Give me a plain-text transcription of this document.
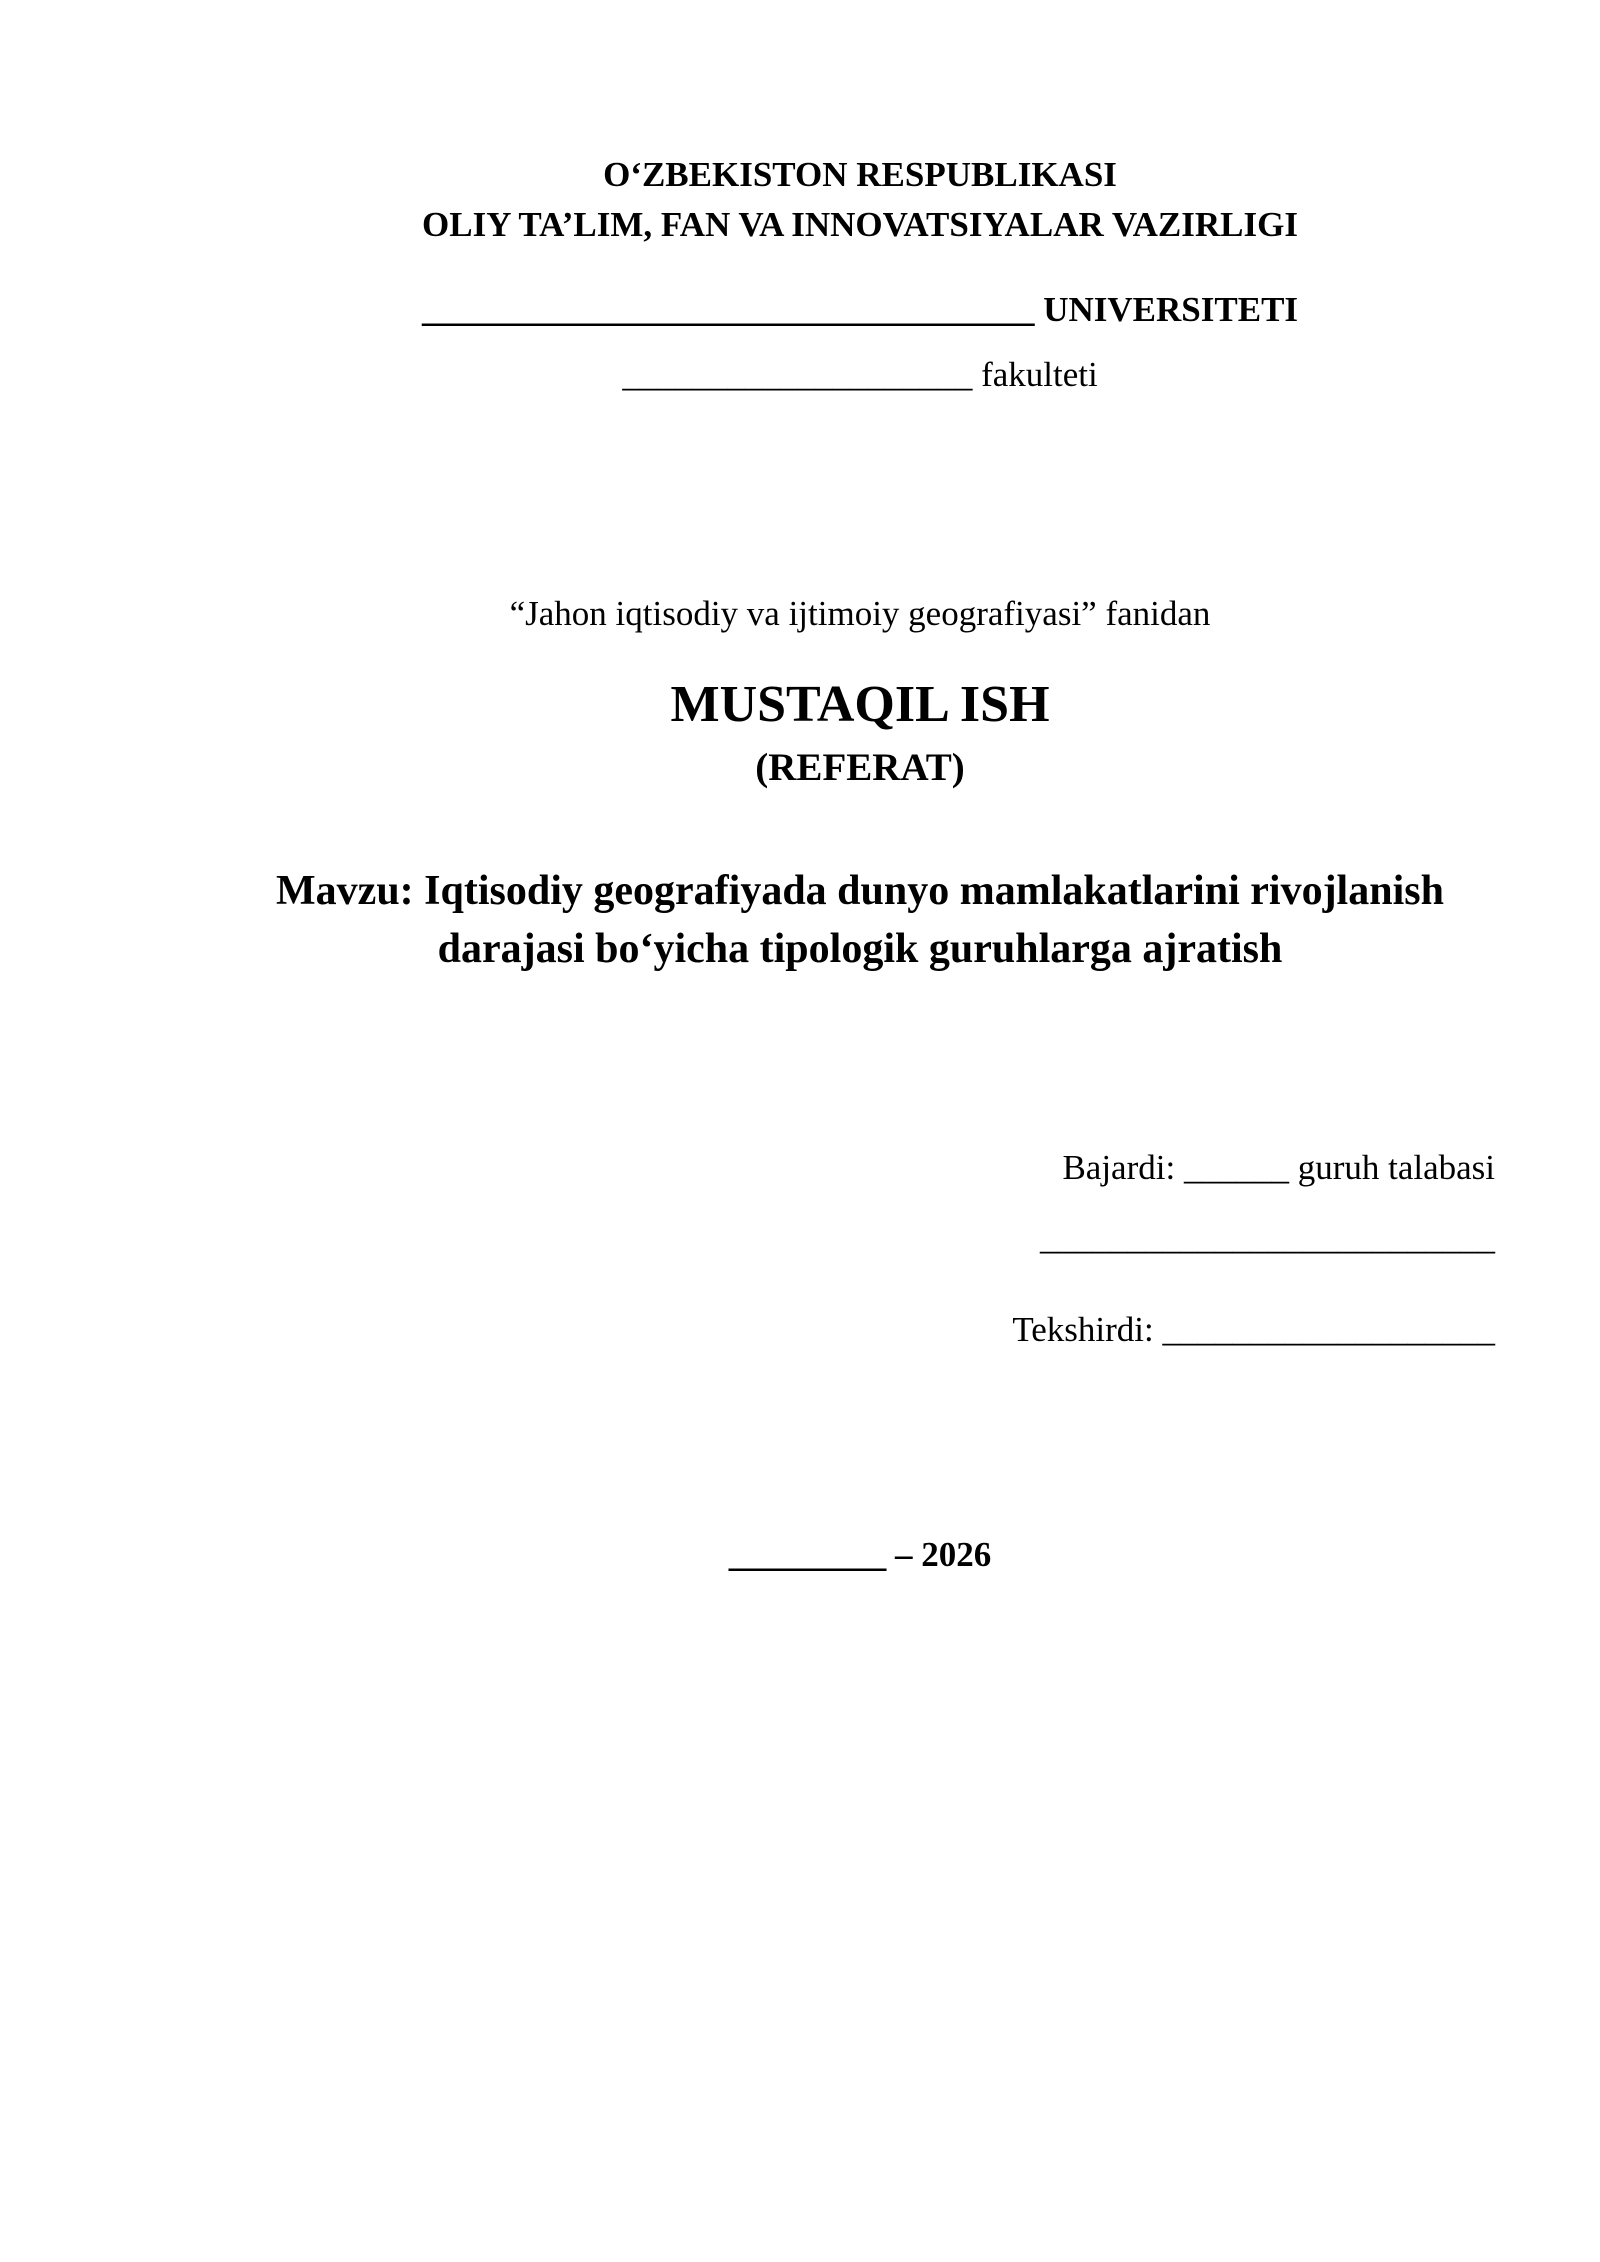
O‘ZBEKISTON RESPUBLIKASI
OLIY TA’LIM, FAN VA INNOVATSIYALAR VAZIRLIGI
___________________________________ UNIVERSITETI
____________________ fakulteti
“Jahon iqtisodiy va ijtimoiy geografiyasi” fanidan
MUSTAQIL ISH
(REFERAT)
Mavzu: Iqtisodiy geografiyada dunyo mamlakatlarini rivojlanish
darajasi bo‘yicha tipologik guruhlarga ajratish
Bajardi: ______ guruh talabasi
__________________________
Tekshirdi: ___________________
_________ – 2026
